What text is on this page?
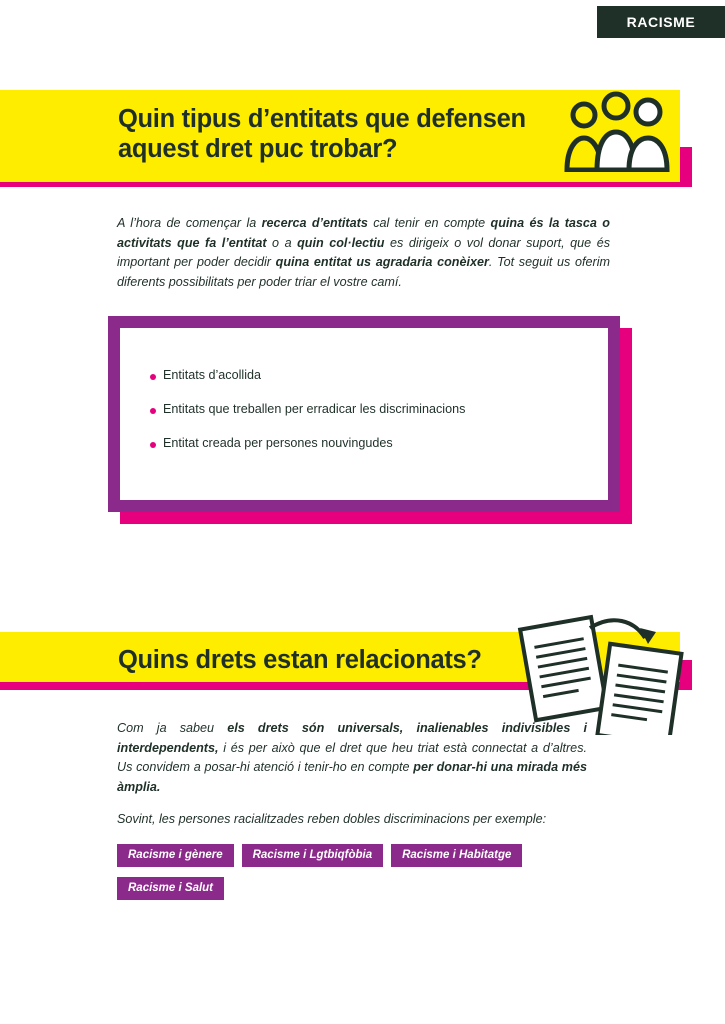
RACISME
Quin tipus d’entitats que defensen aquest dret puc trobar?
A l’hora de començar la recerca d’entitats cal tenir en compte quina és la tasca o activitats que fa l’entitat o a quin col·lectiu es dirigeix o vol donar suport, que és important per poder decidir quina entitat us agradaria conèixer. Tot seguit us oferim diferents possibilitats per poder triar el vostre camí.
Entitats d’acollida
Entitats que treballen per erradicar les discriminacions
Entitat creada per persones nouvingudes
Quins drets estan relacionats?
Com ja sabeu els drets són universals, inalienables indivisibles i interdependents, i és per això que el dret que heu triat està connectat a d’altres. Us convidem a posar-hi atenció i tenir-ho en compte per donar-hi una mirada més àmplia.
Sovint, les persones racialitzades reben dobles discriminacions per exemple:
Racisme i gènere	Racisme i Lgtbiqfòbia	Racisme i Habitatge
Racisme i Salut
